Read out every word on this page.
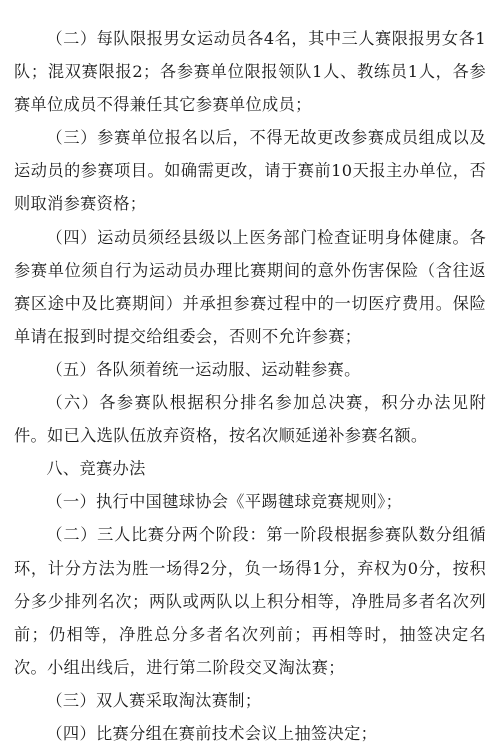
（二）每队限报男女运动员各4名，其中三人赛限报男女各1队；混双赛限报2；各参赛单位限报领队1人、教练员1人，各参赛单位成员不得兼任其它参赛单位成员；

（三）参赛单位报名以后，不得无故更改参赛成员组成以及运动员的参赛项目。如确需更改，请于赛前10天报主办单位，否则取消参赛资格；

（四）运动员须经县级以上医务部门检查证明身体健康。各参赛单位须自行为运动员办理比赛期间的意外伤害保险（含往返赛区途中及比赛期间）并承担参赛过程中的一切医疗费用。保险单请在报到时提交给组委会，否则不允许参赛；

（五）各队须着统一运动服、运动鞋参赛。

（六）各参赛队根据积分排名参加总决赛，积分办法见附件。如已入选队伍放弃资格，按名次顺延递补参赛名额。

八、竞赛办法

（一）执行中国毽球协会《平踢毽球竞赛规则》；

（二）三人比赛分两个阶段：第一阶段根据参赛队数分组循环，计分方法为胜一场得2分，负一场得1分，弃权为0分，按积分多少排列名次；两队或两队以上积分相等，净胜局多者名次列前；仍相等，净胜总分多者名次列前；再相等时，抽签决定名次。小组出线后，进行第二阶段交叉淘汰赛；

（三）双人赛采取淘汰赛制；

（四）比赛分组在赛前技术会议上抽签决定；
